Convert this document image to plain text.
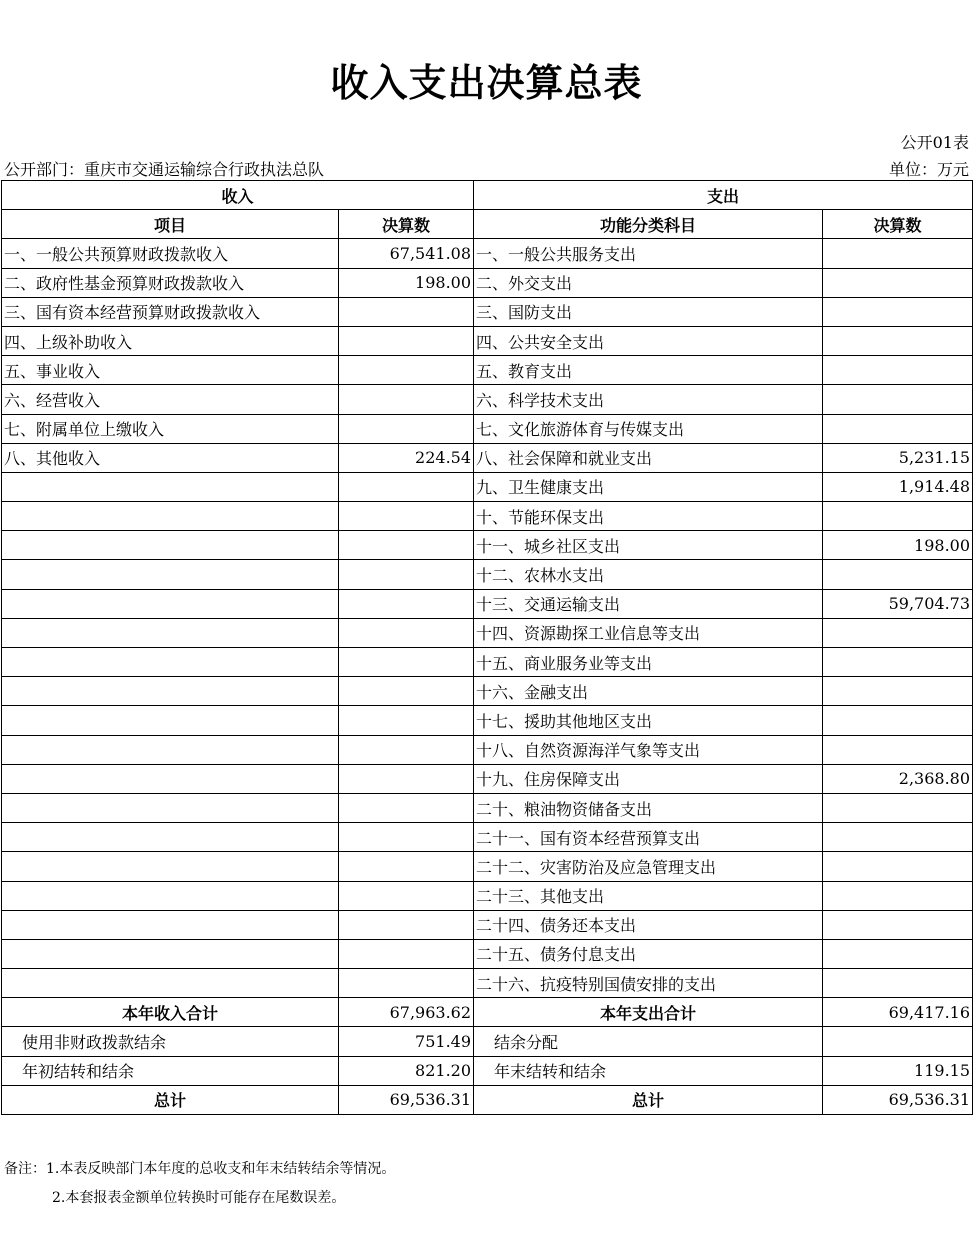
收入支出决算总表
公开01表
公开部门：重庆市交通运输综合行政执法总队	单位：万元
收入		支出	
项目	决算数	功能分类科目	决算数
一、一般公共预算财政拨款收入	67,541.08	一、一般公共服务支出	
二、政府性基金预算财政拨款收入	198.00	二、外交支出	
三、国有资本经营预算财政拨款收入		三、国防支出	
四、上级补助收入		四、公共安全支出	
五、事业收入		五、教育支出	
六、经营收入		六、科学技术支出	
七、附属单位上缴收入		七、文化旅游体育与传媒支出	
八、其他收入	224.54	八、社会保障和就业支出	5,231.15
		九、卫生健康支出	1,914.48
		十、节能环保支出	
		十一、城乡社区支出	198.00
		十二、农林水支出	
		十三、交通运输支出	59,704.73
		十四、资源勘探工业信息等支出	
		十五、商业服务业等支出	
		十六、金融支出	
		十七、援助其他地区支出	
		十八、自然资源海洋气象等支出	
		十九、住房保障支出	2,368.80
		二十、粮油物资储备支出	
		二十一、国有资本经营预算支出	
		二十二、灾害防治及应急管理支出	
		二十三、其他支出	
		二十四、债务还本支出	
		二十五、债务付息支出	
		二十六、抗疫特别国债安排的支出	
本年收入合计	67,963.62	本年支出合计	69,417.16
使用非财政拨款结余	751.49	结余分配	
年初结转和结余	821.20	年末结转和结余	119.15
总计	69,536.31	总计	69,536.31
备注：1.本表反映部门本年度的总收支和年末结转结余等情况。
2.本套报表金额单位转换时可能存在尾数误差。
